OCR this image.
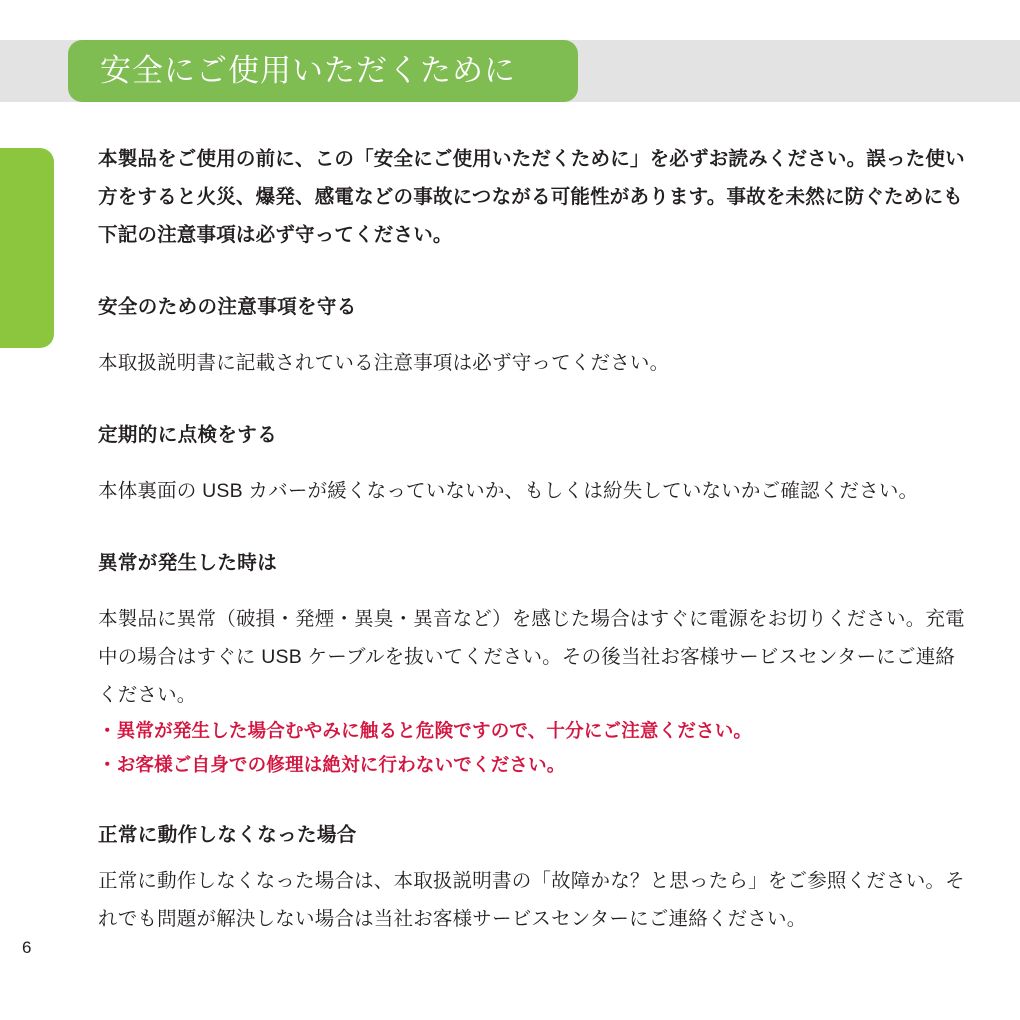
安全にご使用いただくために

本製品をご使用の前に、この「安全にご使用いただくために」を必ずお読みください。誤った使い方をすると火災、爆発、感電などの事故につながる可能性があります。事故を未然に防ぐためにも下記の注意事項は必ず守ってください。

安全のための注意事項を守る

本取扱説明書に記載されている注意事項は必ず守ってください。

定期的に点検をする

本体裏面の USB カバーが緩くなっていないか、もしくは紛失していないかご確認ください。

異常が発生した時は

本製品に異常（破損・発煙・異臭・異音など）を感じた場合はすぐに電源をお切りください。充電中の場合はすぐに USB ケーブルを抜いてください。その後当社お客様サービスセンターにご連絡ください。

・異常が発生した場合むやみに触ると危険ですので、十分にご注意ください。

・お客様ご自身での修理は絶対に行わないでください。

正常に動作しなくなった場合

正常に動作しなくなった場合は、本取扱説明書の「故障かな？と思ったら」をご参照ください。それでも問題が解決しない場合は当社お客様サービスセンターにご連絡ください。

6
